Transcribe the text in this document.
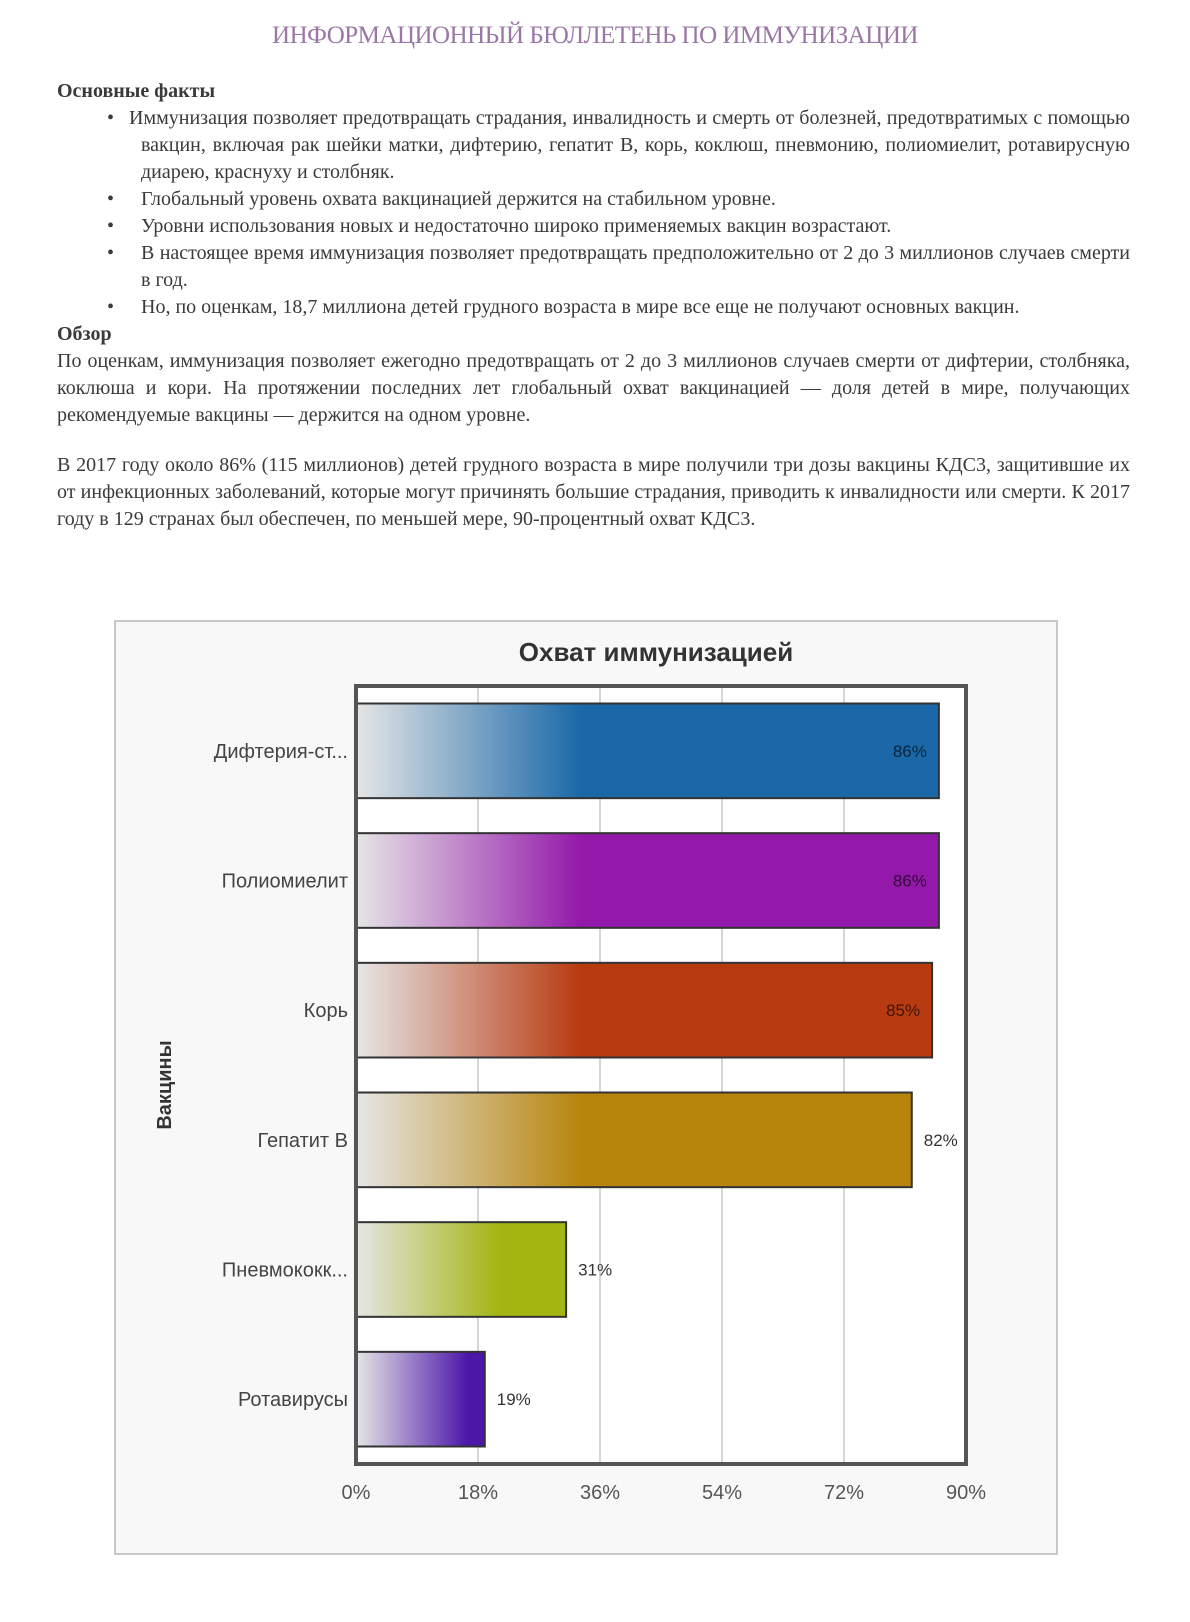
ИНФОРМАЦИОННЫЙ БЮЛЛЕТЕНЬ ПО ИММУНИЗАЦИИ
Основные факты
• Иммунизация позволяет предотвращать страдания, инвалидность и смерть от болезней, предотвратимых с помощью вакцин, включая рак шейки матки, дифтерию, гепатит B, корь, коклюш, пневмонию, полиомиелит, ротавирусную диарею, краснуху и столбняк.
•	Глобальный уровень охвата вакцинацией держится на стабильном уровне.
•	Уровни использования новых и недостаточно широко применяемых вакцин возрастают.
•	В настоящее время иммунизация позволяет предотвращать предположительно от 2 до 3 миллионов случаев смерти в год.
•	Но, по оценкам, 18,7 миллиона детей грудного возраста в мире все еще не получают основных вакцин.
Обзор

По оценкам, иммунизация позволяет ежегодно предотвращать от 2 до 3 миллионов случаев смерти от дифтерии, столбняка, коклюша и кори. На протяжении последних лет глобальный охват вакцинацией — доля детей в мире, получающих рекомендуемые вакцины — держится на одном уровне.

В 2017 году около 86% (115 миллионов) детей грудного возраста в мире получили три дозы вакцины КДС3, защитившие их от инфекционных заболеваний, которые могут причинять большие страдания, приводить к инвалидности или смерти. К 2017 году в 129 странах был обеспечен, по меньшей мере, 90-процентный охват КДС3.

Охват иммунизацией
Дифтерия-ст...	86%
Полиомиелит	86%
Корь	85%
Гепатит B	82%
Пневмококк...	31%
Ротавирусы	19%
0%	18%	36%	54%	72%	90%
Вакцины
